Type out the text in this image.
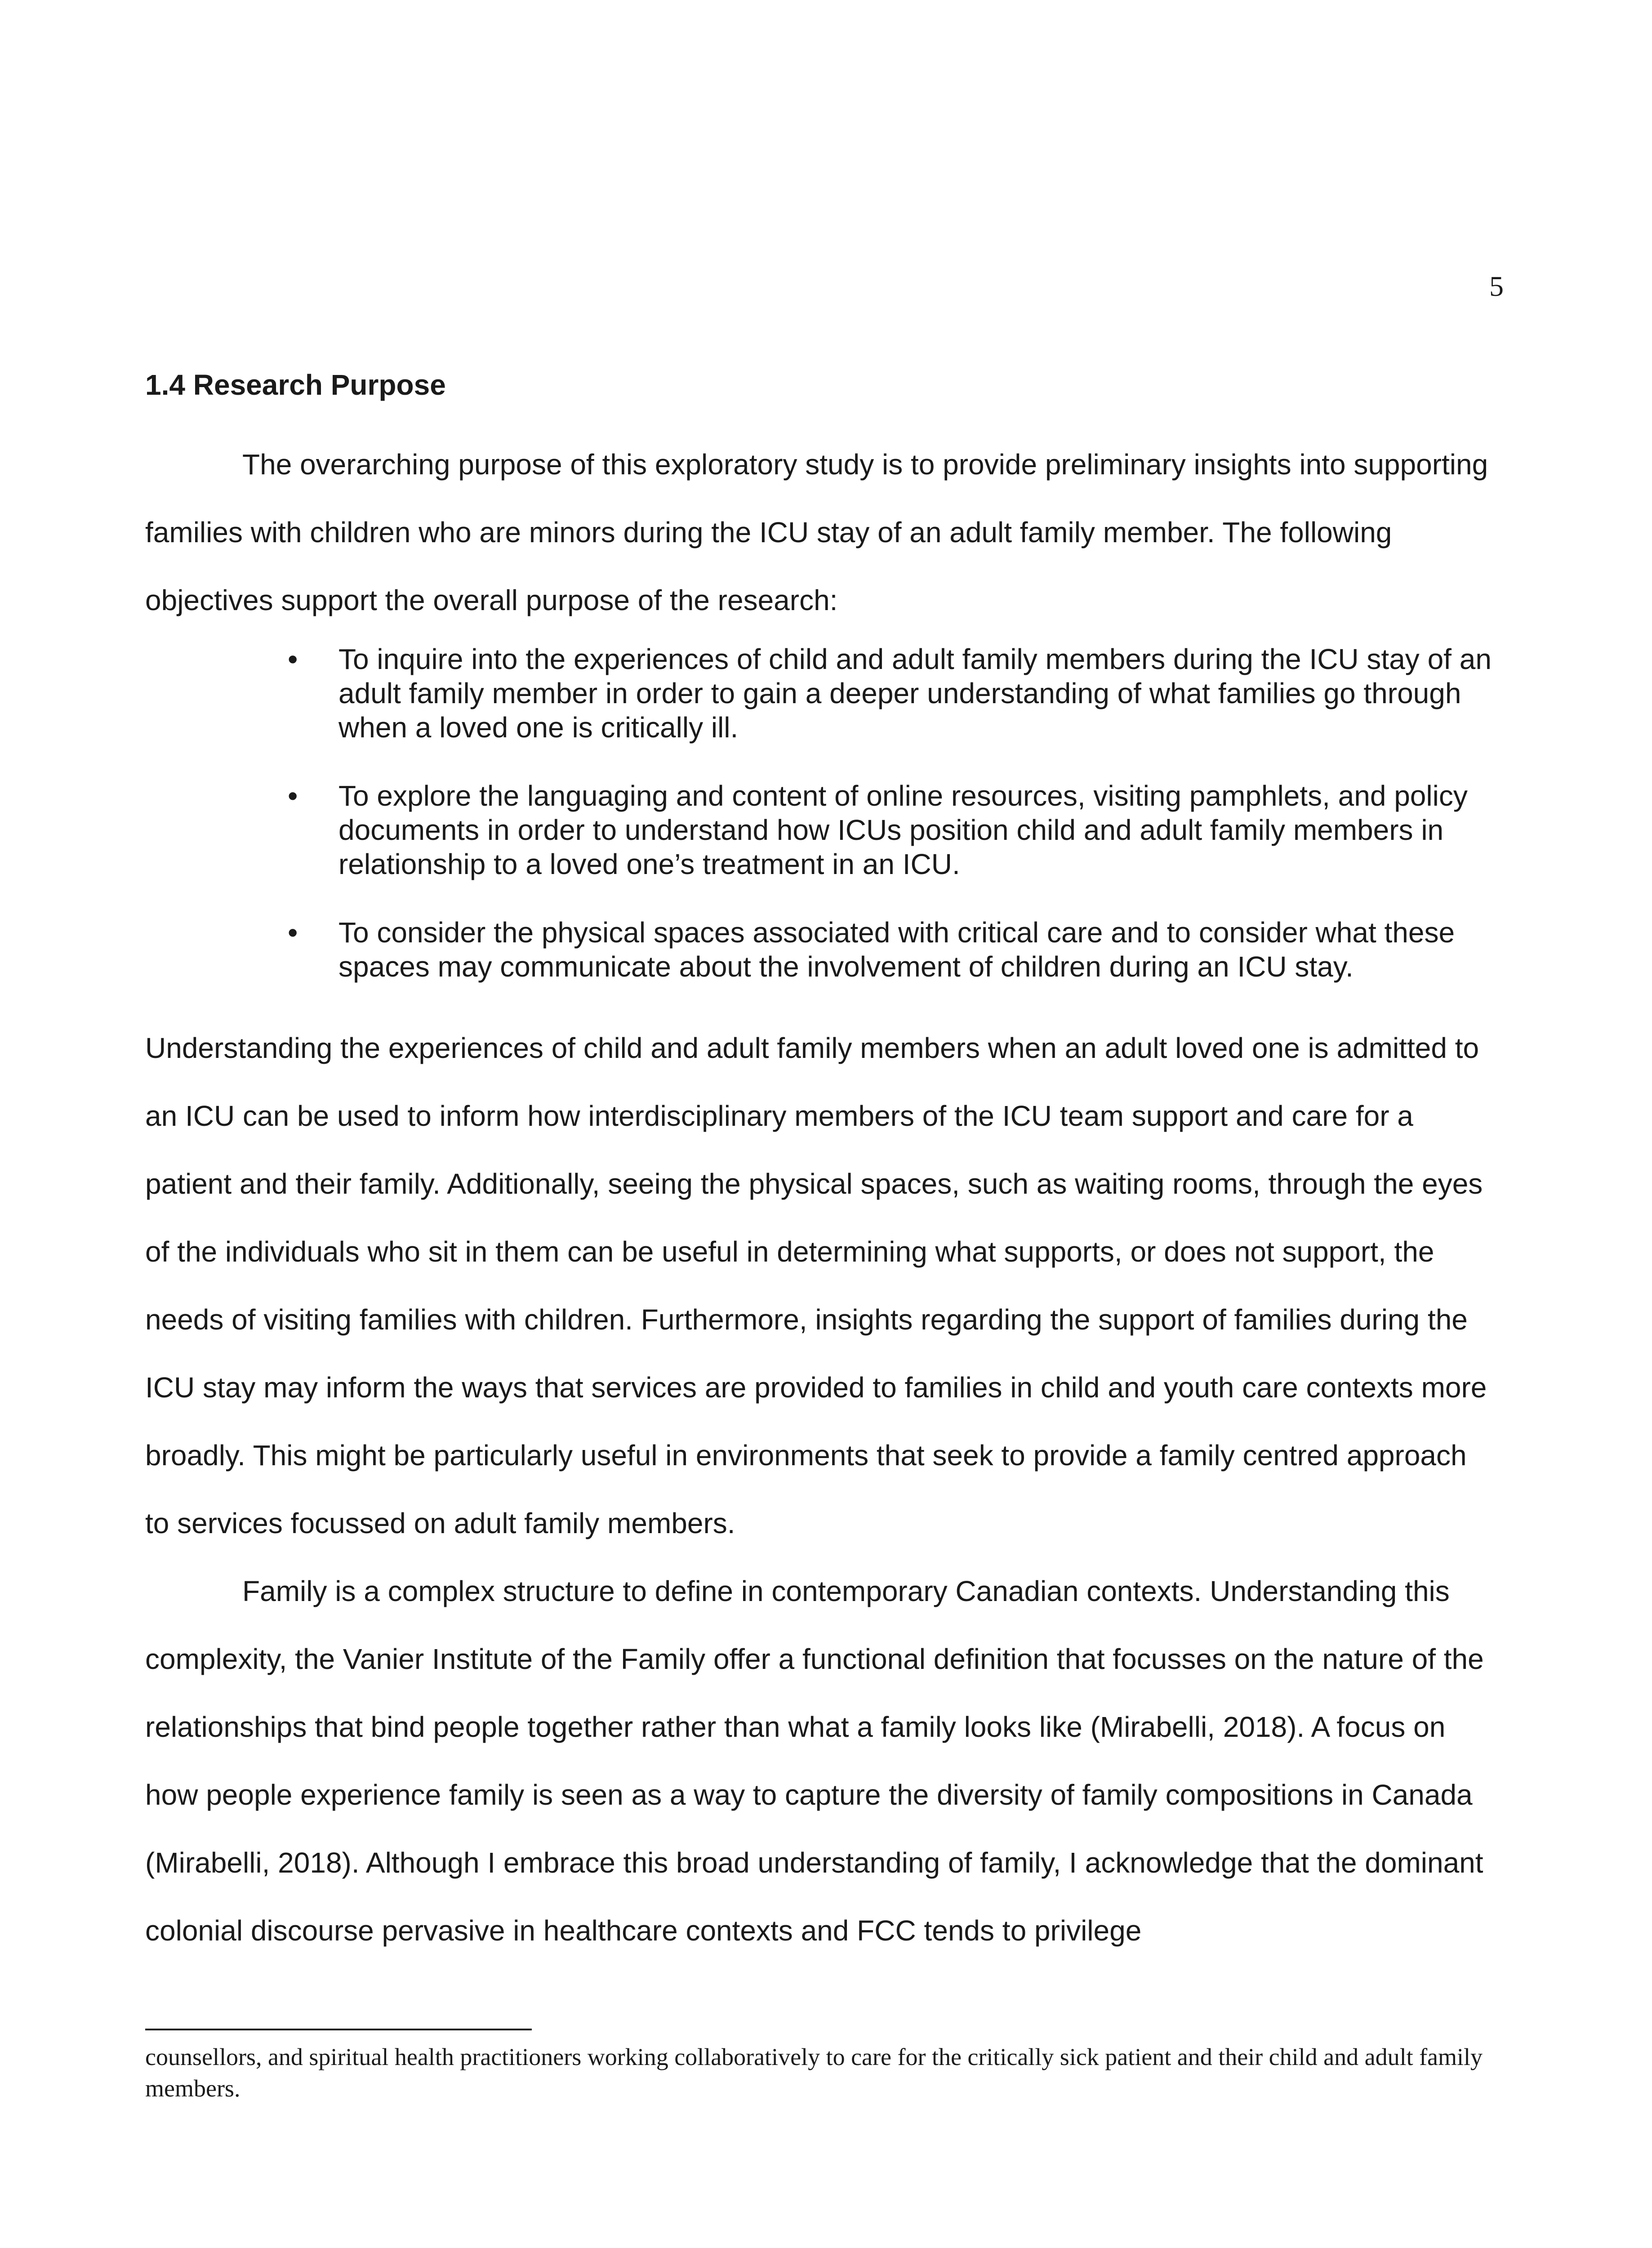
5
1.4 Research Purpose

The overarching purpose of this exploratory study is to provide preliminary insights into supporting families with children who are minors during the ICU stay of an adult family member. The following objectives support the overall purpose of the research:

• To inquire into the experiences of child and adult family members during the ICU stay of an adult family member in order to gain a deeper understanding of what families go through when a loved one is critically ill.
• To explore the languaging and content of online resources, visiting pamphlets, and policy documents in order to understand how ICUs position child and adult family members in relationship to a loved one’s treatment in an ICU.
• To consider the physical spaces associated with critical care and to consider what these spaces may communicate about the involvement of children during an ICU stay.

Understanding the experiences of child and adult family members when an adult loved one is admitted to an ICU can be used to inform how interdisciplinary members of the ICU team support and care for a patient and their family. Additionally, seeing the physical spaces, such as waiting rooms, through the eyes of the individuals who sit in them can be useful in determining what supports, or does not support, the needs of visiting families with children. Furthermore, insights regarding the support of families during the ICU stay may inform the ways that services are provided to families in child and youth care contexts more broadly. This might be particularly useful in environments that seek to provide a family centred approach to services focussed on adult family members.

Family is a complex structure to define in contemporary Canadian contexts. Understanding this complexity, the Vanier Institute of the Family offer a functional definition that focusses on the nature of the relationships that bind people together rather than what a family looks like (Mirabelli, 2018). A focus on how people experience family is seen as a way to capture the diversity of family compositions in Canada (Mirabelli, 2018). Although I embrace this broad understanding of family, I acknowledge that the dominant colonial discourse pervasive in healthcare contexts and FCC tends to privilege

counsellors, and spiritual health practitioners working collaboratively to care for the critically sick patient and their child and adult family members.
